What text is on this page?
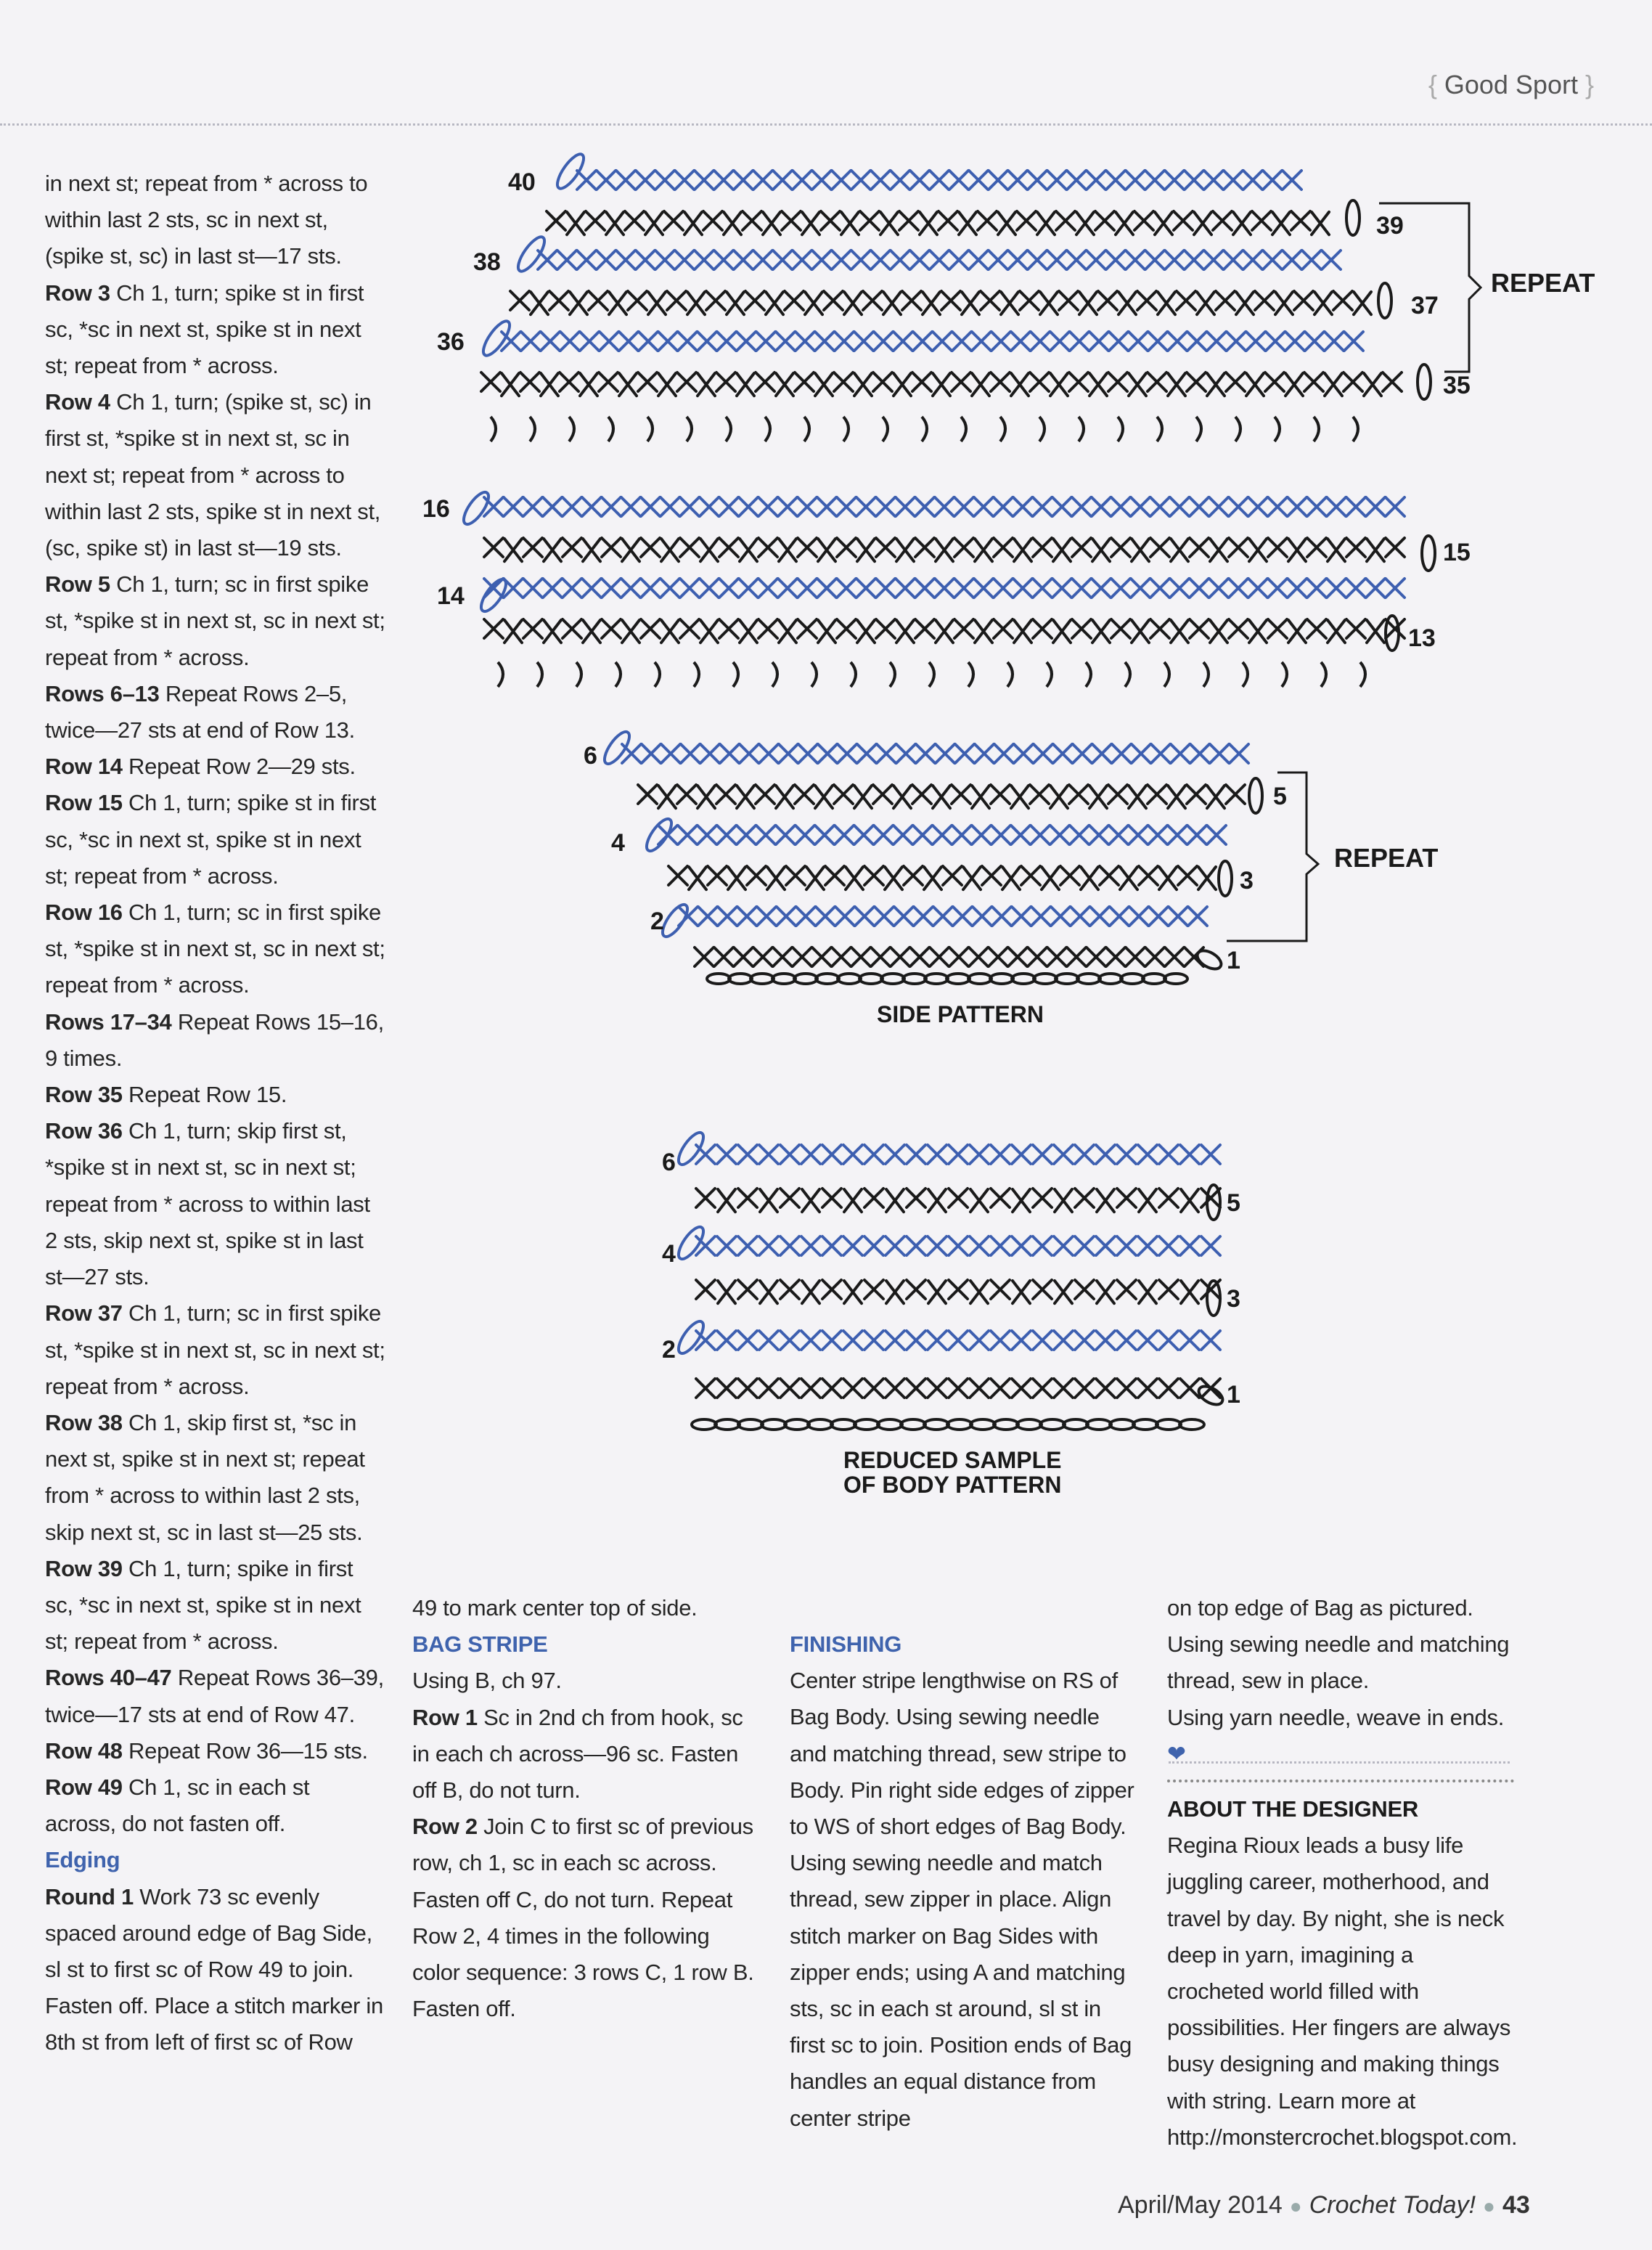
{ Good Sport }

in next st; repeat from * across to within last 2 sts, sc in next st, (spike st, sc) in last st—17 sts.

Row 3 Ch 1, turn; spike st in first sc, *sc in next st, spike st in next st; repeat from * across.

Row 4 Ch 1, turn; (spike st, sc) in first st, *spike st in next st, sc in next st; repeat from * across to within last 2 sts, spike st in next st, (sc, spike st) in last st—19 sts.

Row 5 Ch 1, turn; sc in first spike st, *spike st in next st, sc in next st; repeat from * across.

Rows 6–13 Repeat Rows 2–5, twice—27 sts at end of Row 13.

Row 14 Repeat Row 2—29 sts.

Row 15 Ch 1, turn; spike st in first sc, *sc in next st, spike st in next st; repeat from * across.

Row 16 Ch 1, turn; sc in first spike st, *spike st in next st, sc in next st; repeat from * across.

Rows 17–34 Repeat Rows 15–16, 9 times.

Row 35 Repeat Row 15.

Row 36 Ch 1, turn; skip first st, *spike st in next st, sc in next st; repeat from * across to within last 2 sts, skip next st, spike st in last st—27 sts.

Row 37 Ch 1, turn; sc in first spike st, *spike st in next st, sc in next st; repeat from * across.

Row 38 Ch 1, skip first st, *sc in next st, spike st in next st; repeat from * across to within last 2 sts, skip next st, sc in last st—25 sts.

Row 39 Ch 1, turn; spike in first sc, *sc in next st, spike st in next st; repeat from * across.

Rows 40–47 Repeat Rows 36–39, twice—17 sts at end of Row 47.

Row 48 Repeat Row 36—15 sts.

Row 49 Ch 1, sc in each st across, do not fasten off.

Edging

Round 1 Work 73 sc evenly spaced around edge of Bag Side, sl st to first sc of Row 49 to join. Fasten off. Place a stitch marker in 8th st from left of first sc of Row

49 to mark center top of side.

BAG STRIPE

Using B, ch 97.

Row 1 Sc in 2nd ch from hook, sc in each ch across—96 sc. Fasten off B, do not turn.

Row 2 Join C to first sc of previous row, ch 1, sc in each sc across. Fasten off C, do not turn. Repeat Row 2, 4 times in the following color sequence: 3 rows C, 1 row B. Fasten off.

FINISHING

Center stripe lengthwise on RS of Bag Body. Using sewing needle and matching thread, sew stripe to Body. Pin right side edges of zipper to WS of short edges of Bag Body. Using sewing needle and match thread, sew zipper in place. Align stitch marker on Bag Sides with zipper ends; using A and matching sts, sc in each st around, sl st in first sc to join. Position ends of Bag handles an equal distance from center stripe

on top edge of Bag as pictured. Using sewing needle and matching thread, sew in place.

Using yarn needle, weave in ends. ❤

ABOUT THE DESIGNER

Regina Rioux leads a busy life juggling career, motherhood, and travel by day. By night, she is neck deep in yarn, imagining a crocheted world filled with possibilities. Her fingers are always busy designing and making things with string. Learn more at http://monstercrochet.blogspot.com.

40
39
38
37
36
35
REPEAT
16
15
14
13
6
5
4
3
2
1
REPEAT
SIDE PATTERN
6
5
4
3
2
1
REDUCED SAMPLE
OF BODY PATTERN
April/May 2014 ● Crochet Today! ● 43
